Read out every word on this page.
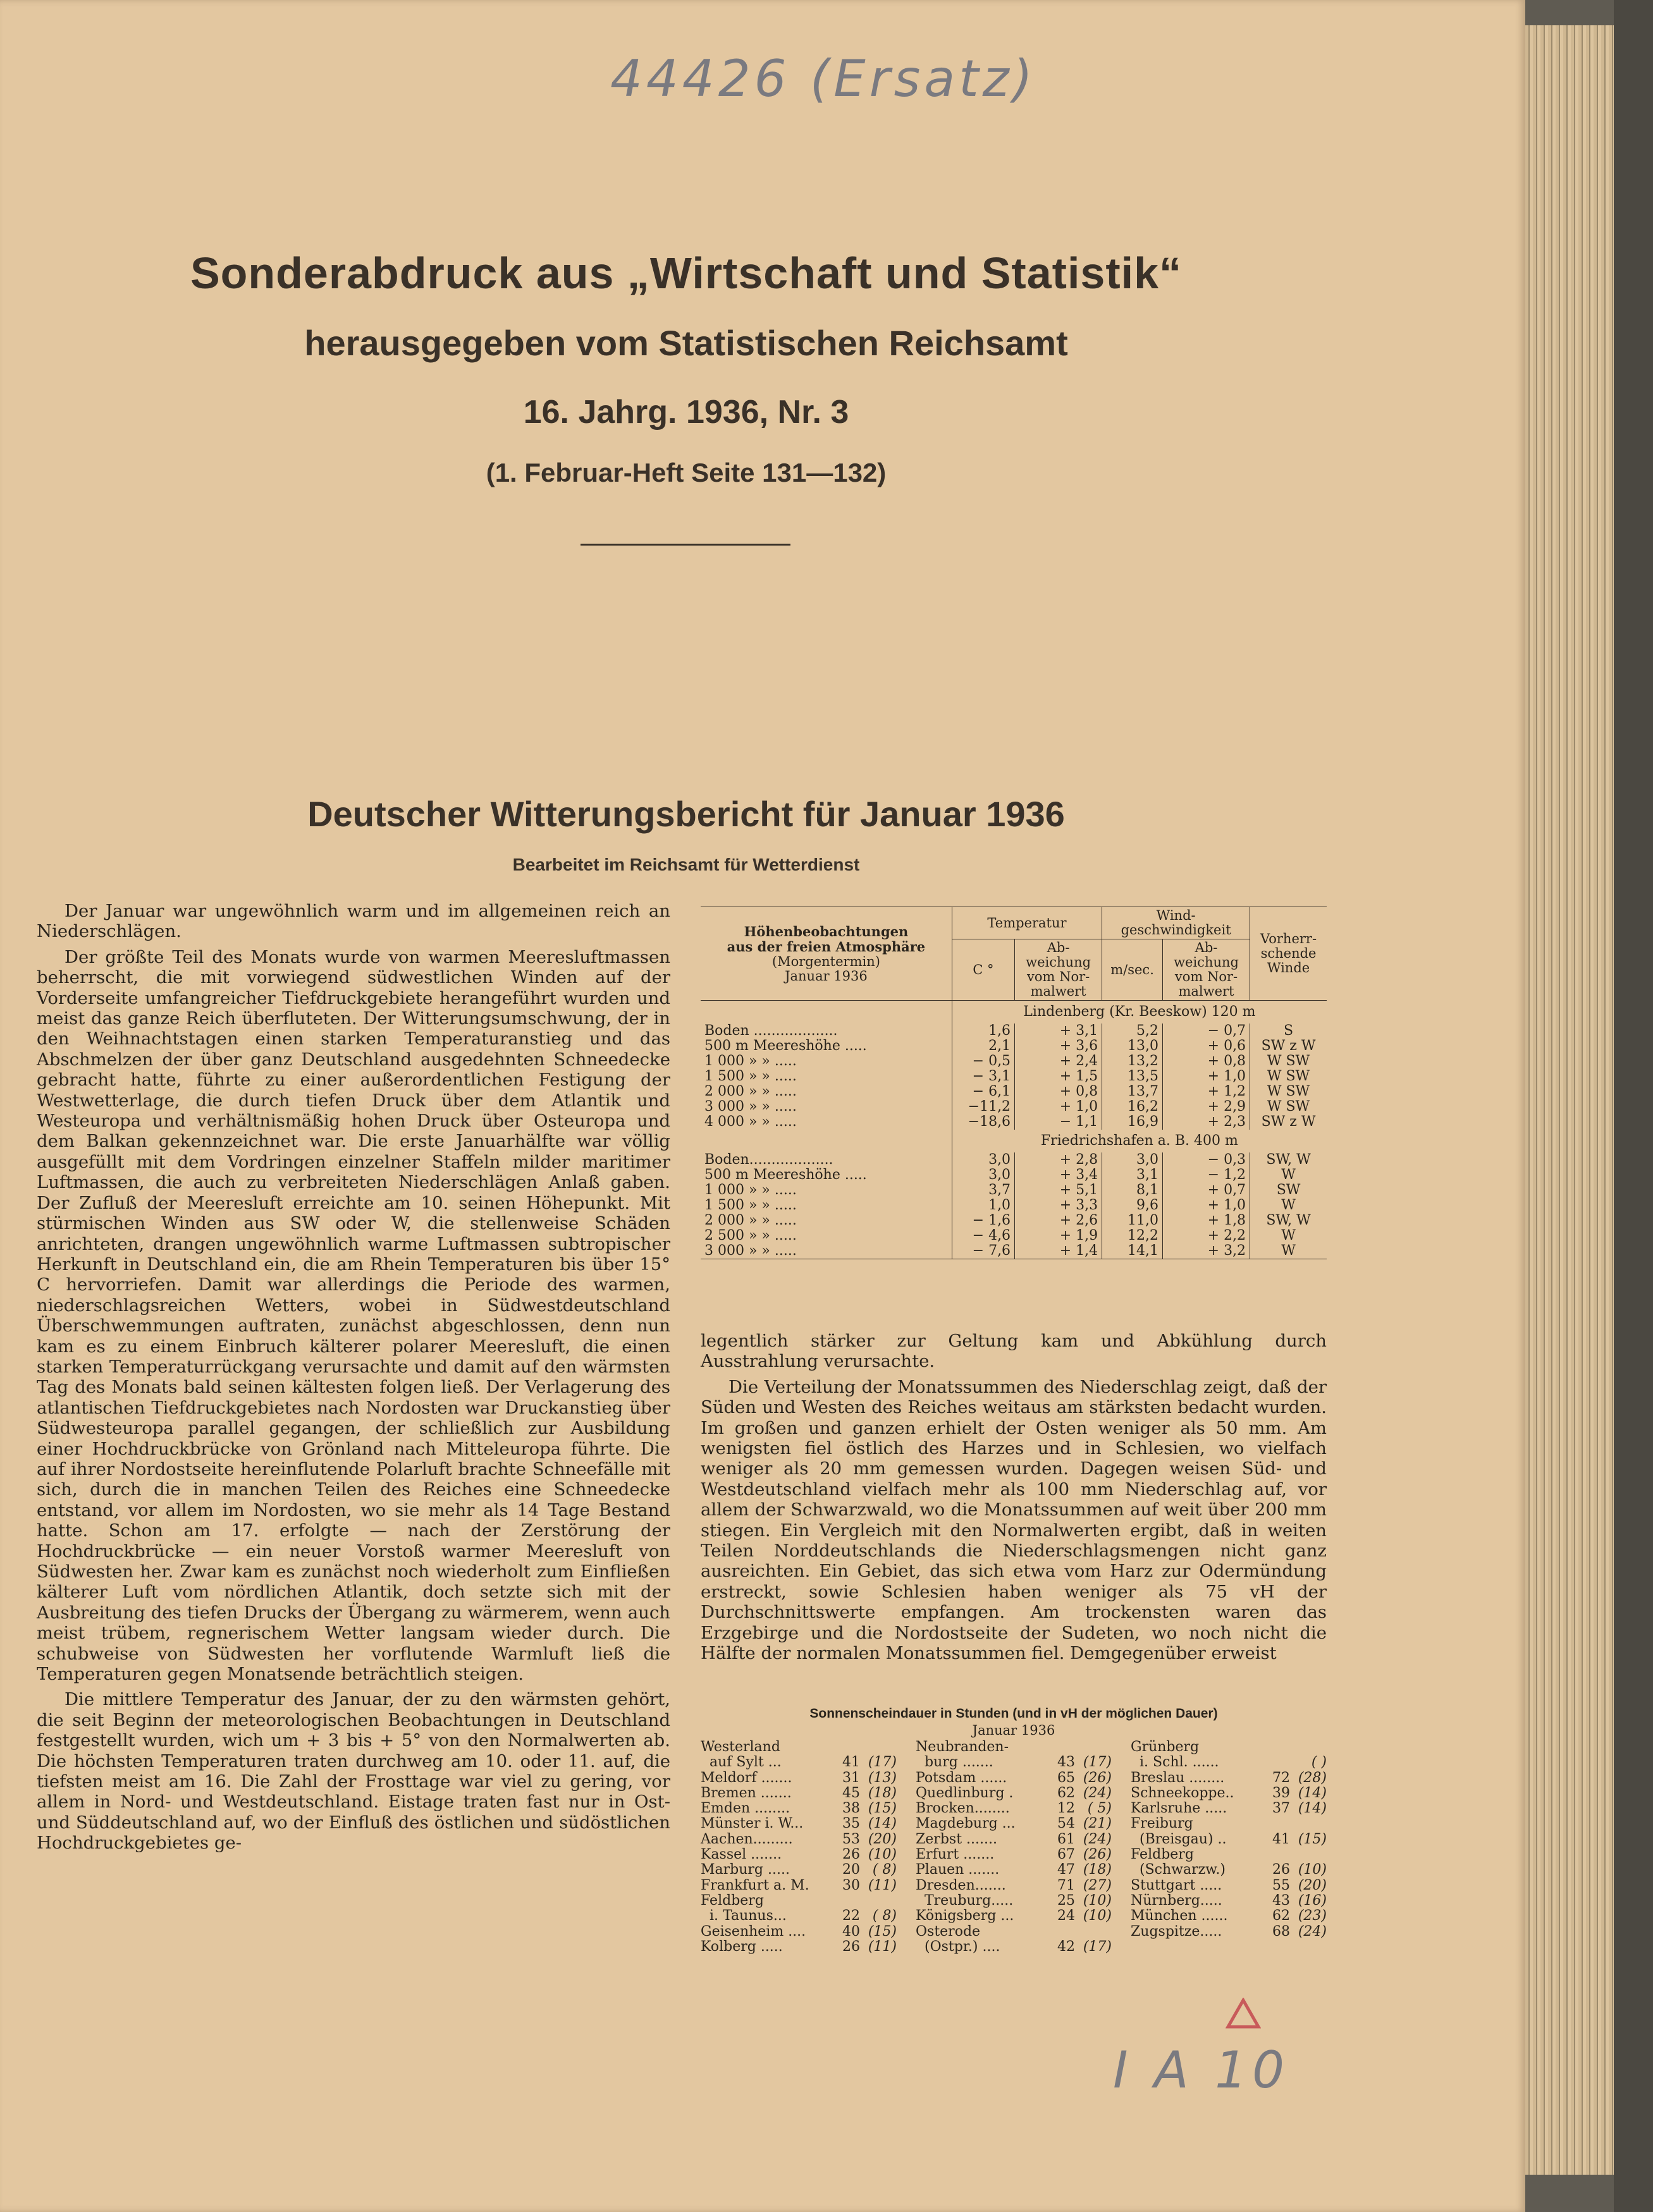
44426 (Ersatz)
Sonderabdruck aus „Wirtschaft und Statistik“
herausgegeben vom Statistischen Reichsamt
16. Jahrg. 1936, Nr. 3
(1. Februar-Heft Seite 131—132)
Deutscher Witterungsbericht für Januar 1936
Bearbeitet im Reichsamt für Wetterdienst

Der Januar war ungewöhnlich warm und im allgemeinen reich an Niederschlägen.

Der größte Teil des Monats wurde von warmen Meeresluftmassen beherrscht, die mit vorwiegend südwestlichen Winden auf der Vorderseite umfangreicher Tiefdruckgebiete herangeführt wurden und meist das ganze Reich überfluteten. Der Witterungsumschwung, der in den Weihnachtstagen einen starken Temperaturanstieg und das Abschmelzen der über ganz Deutschland ausgedehnten Schneedecke gebracht hatte, führte zu einer außerordentlichen Festigung der Westwetterlage, die durch tiefen Druck über dem Atlantik und Westeuropa und verhältnismäßig hohen Druck über Osteuropa und dem Balkan gekennzeichnet war. Die erste Januarhälfte war völlig ausgefüllt mit dem Vordringen einzelner Staffeln milder maritimer Luftmassen, die auch zu verbreiteten Niederschlägen Anlaß gaben. Der Zufluß der Meeresluft erreichte am 10. seinen Höhepunkt. Mit stürmischen Winden aus SW oder W, die stellenweise Schäden anrichteten, drangen ungewöhnlich warme Luftmassen subtropischer Herkunft in Deutschland ein, die am Rhein Temperaturen bis über 15° C hervorriefen. Damit war allerdings die Periode des warmen, niederschlagsreichen Wetters, wobei in Südwestdeutschland Überschwemmungen auftraten, zunächst abgeschlossen, denn nun kam es zu einem Einbruch kälterer polarer Meeresluft, die einen starken Temperaturrückgang verursachte und damit auf den wärmsten Tag des Monats bald seinen kältesten folgen ließ. Der Verlagerung des atlantischen Tiefdruckgebietes nach Nordosten war Druckanstieg über Südwesteuropa parallel gegangen, der schließlich zur Ausbildung einer Hochdruckbrücke von Grönland nach Mitteleuropa führte. Die auf ihrer Nordostseite hereinflutende Polarluft brachte Schneefälle mit sich, durch die in manchen Teilen des Reiches eine Schneedecke entstand, vor allem im Nordosten, wo sie mehr als 14 Tage Bestand hatte. Schon am 17. erfolgte — nach der Zerstörung der Hochdruckbrücke — ein neuer Vorstoß warmer Meeresluft von Südwesten her. Zwar kam es zunächst noch wiederholt zum Einfließen kälterer Luft vom nördlichen Atlantik, doch setzte sich mit der Ausbreitung des tiefen Drucks der Übergang zu wärmerem, wenn auch meist trübem, regnerischem Wetter langsam wieder durch. Die schubweise von Südwesten her vorflutende Warmluft ließ die Temperaturen gegen Monatsende beträchtlich steigen.

Die mittlere Temperatur des Januar, der zu den wärmsten gehört, die seit Beginn der meteorologischen Beobachtungen in Deutschland festgestellt wurden, wich um + 3 bis + 5° von den Normalwerten ab. Die höchsten Temperaturen traten durchweg am 10. oder 11. auf, die tiefsten meist am 16. Die Zahl der Frosttage war viel zu gering, vor allem in Nord- und Westdeutschland. Eistage traten fast nur in Ost- und Süddeutschland auf, wo der Einfluß des östlichen und südöstlichen Hochdruckgebietes ge-

Höhenbeobachtungen
aus der freien Atmosphäre
(Morgentermin)
Januar 1936	Temperatur		Wind-
geschwindigkeit		Vorherr-
schende
Winde
	C °	Ab-
weichung
vom Nor-
malwert	m/sec.	Ab-
weichung
vom Nor-
malwert	
	Lindenberg (Kr. Beeskow) 120 m				
Boden ...................	1,6	+ 3,1	5,2	− 0,7	S
500 m Meereshöhe .....	2,1	+ 3,6	13,0	+ 0,6	SW z W
1 000 » » .....	− 0,5	+ 2,4	13,2	+ 0,8	W SW
1 500 » » .....	− 3,1	+ 1,5	13,5	+ 1,0	W SW
2 000 » » .....	− 6,1	+ 0,8	13,7	+ 1,2	W SW
3 000 » » .....	−11,2	+ 1,0	16,2	+ 2,9	W SW
4 000 » » .....	−18,6	− 1,1	16,9	+ 2,3	SW z W
	Friedrichshafen a. B. 400 m				
Boden...................	3,0	+ 2,8	3,0	− 0,3	SW, W
500 m Meereshöhe .....	3,0	+ 3,4	3,1	− 1,2	W
1 000 » » .....	3,7	+ 5,1	8,1	+ 0,7	SW
1 500 » » .....	1,0	+ 3,3	9,6	+ 1,0	W
2 000 » » .....	− 1,6	+ 2,6	11,0	+ 1,8	SW, W
2 500 » » .....	− 4,6	+ 1,9	12,2	+ 2,2	W
3 000 » » .....	− 7,6	+ 1,4	14,1	+ 3,2	W

legentlich stärker zur Geltung kam und Abkühlung durch Ausstrahlung verursachte.

Die Verteilung der Monatssummen des Niederschlag zeigt, daß der Süden und Westen des Reiches weitaus am stärksten bedacht wurden. Im großen und ganzen erhielt der Osten weniger als 50 mm. Am wenigsten fiel östlich des Harzes und in Schlesien, wo vielfach weniger als 20 mm gemessen wurden. Dagegen weisen Süd- und Westdeutschland vielfach mehr als 100 mm Niederschlag auf, vor allem der Schwarzwald, wo die Monatssummen auf weit über 200 mm stiegen. Ein Vergleich mit den Normalwerten ergibt, daß in weiten Teilen Norddeutschlands die Niederschlagsmengen nicht ganz ausreichten. Ein Gebiet, das sich etwa vom Harz zur Odermündung erstreckt, sowie Schlesien haben weniger als 75 vH der Durchschnittswerte empfangen. Am trockensten waren das Erzgebirge und die Nordostseite der Sudeten, wo noch nicht die Hälfte der normalen Monatssummen fiel. Demgegenüber erweist

Sonnenscheindauer in Stunden (und in vH der möglichen Dauer)
Januar 1936
Westerland
auf Sylt ...	41 (17)
Meldorf .......	31 (13)
Bremen .......	45 (18)
Emden ........	38 (15)
Münster i. W...	35 (14)
Aachen.........	53 (20)
Kassel .......	26 (10)
Marburg .....	20 ( 8)
Frankfurt a. M. 30 (11)
Feldberg
i. Taunus...	22 ( 8)
Geisenheim ....	40 (15)
Kolberg .....	26 (11)
Neubranden-
burg .......	43 (17)
Potsdam ......	65 (26)
Quedlinburg .	62 (24)
Brocken........	12 ( 5)
Magdeburg ...	54 (21)
Zerbst .......	61 (24)
Erfurt .......	67 (26)
Plauen .......	47 (18)
Dresden.......	71 (27)
Treuburg.....	25 (10)
Königsberg ...	24 (10)
Osterode
(Ostpr.) ....	42 (17)
Grünberg
i. Schl. ......	( )
Breslau ........	72 (28)
Schneekoppe..	39 (14)
Karlsruhe .....	37 (14)
Freiburg
(Breisgau) ..	41 (15)
Feldberg
(Schwarzw.)	26 (10)
Stuttgart .....	55 (20)
Nürnberg.....	43 (16)
München ......	62 (23)
Zugspitze.....	68 (24)
I A 10
